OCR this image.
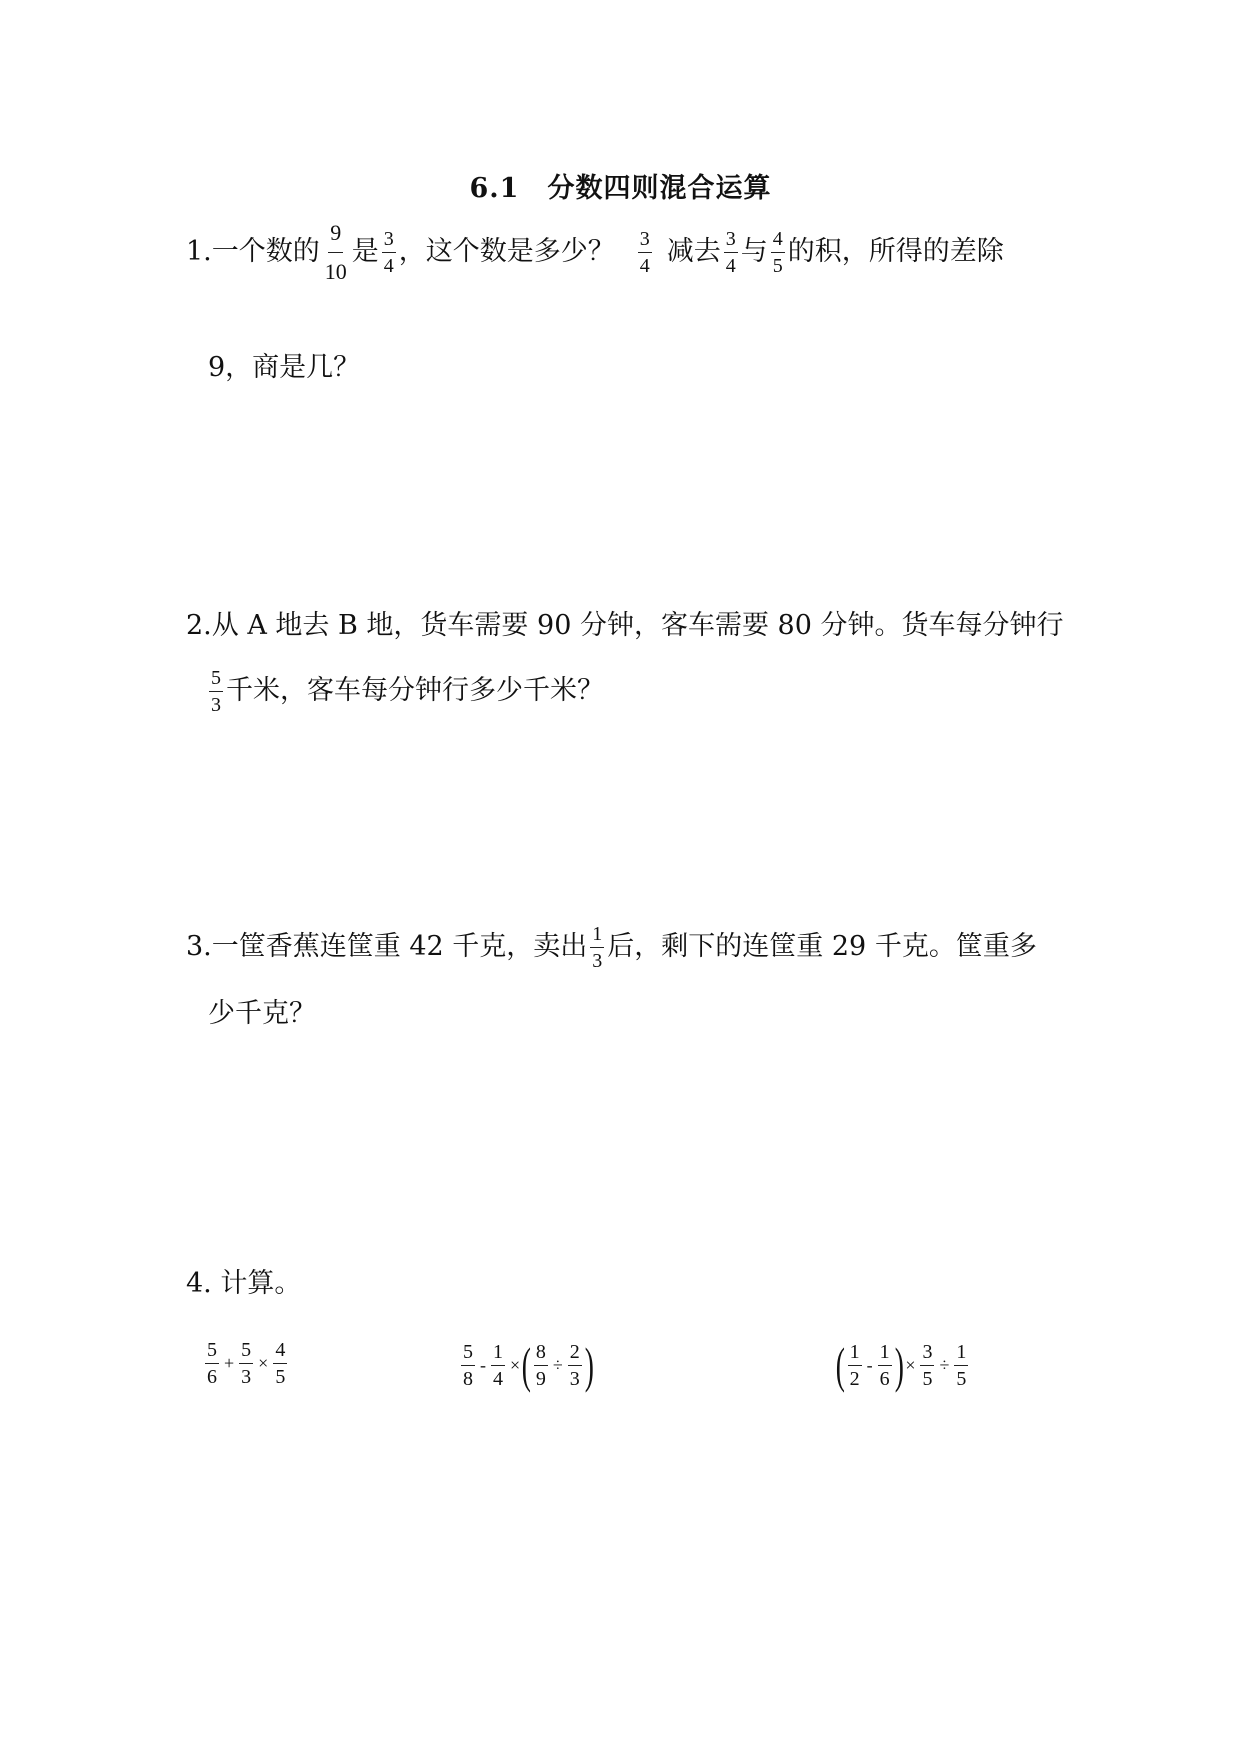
6.1　分数四则混合运算
1.一个数的 $\frac{9}{10}$ 是 $\frac{3}{4}$ ，这个数是多少？ $\frac{3}{4}$ 减去 $\frac{3}{4}$ 与 $\frac{4}{5}$ 的积，所得的差除
9，商是几？
2.从 A 地去 B 地，货车需要 90 分钟，客车需要 80 分钟。货车每分钟行
$\frac{5}{3}$ 千米，客车每分钟行多少千米？
3.一筐香蕉连筐重 42 千克，卖出 $\frac{1}{3}$ 后，剩下的连筐重 29 千克。筐重多
少千克？
4. 计算。
$\frac{5}{6} + \frac{5}{3} \times \frac{4}{5}$	$\frac{5}{8} - \frac{1}{4}$ × ( $\frac{8}{9} \div \frac{2}{3}$ )	( $\frac{1}{2} - \frac{1}{6}$ ) × $\frac{3}{5} \div \frac{1}{5}$
